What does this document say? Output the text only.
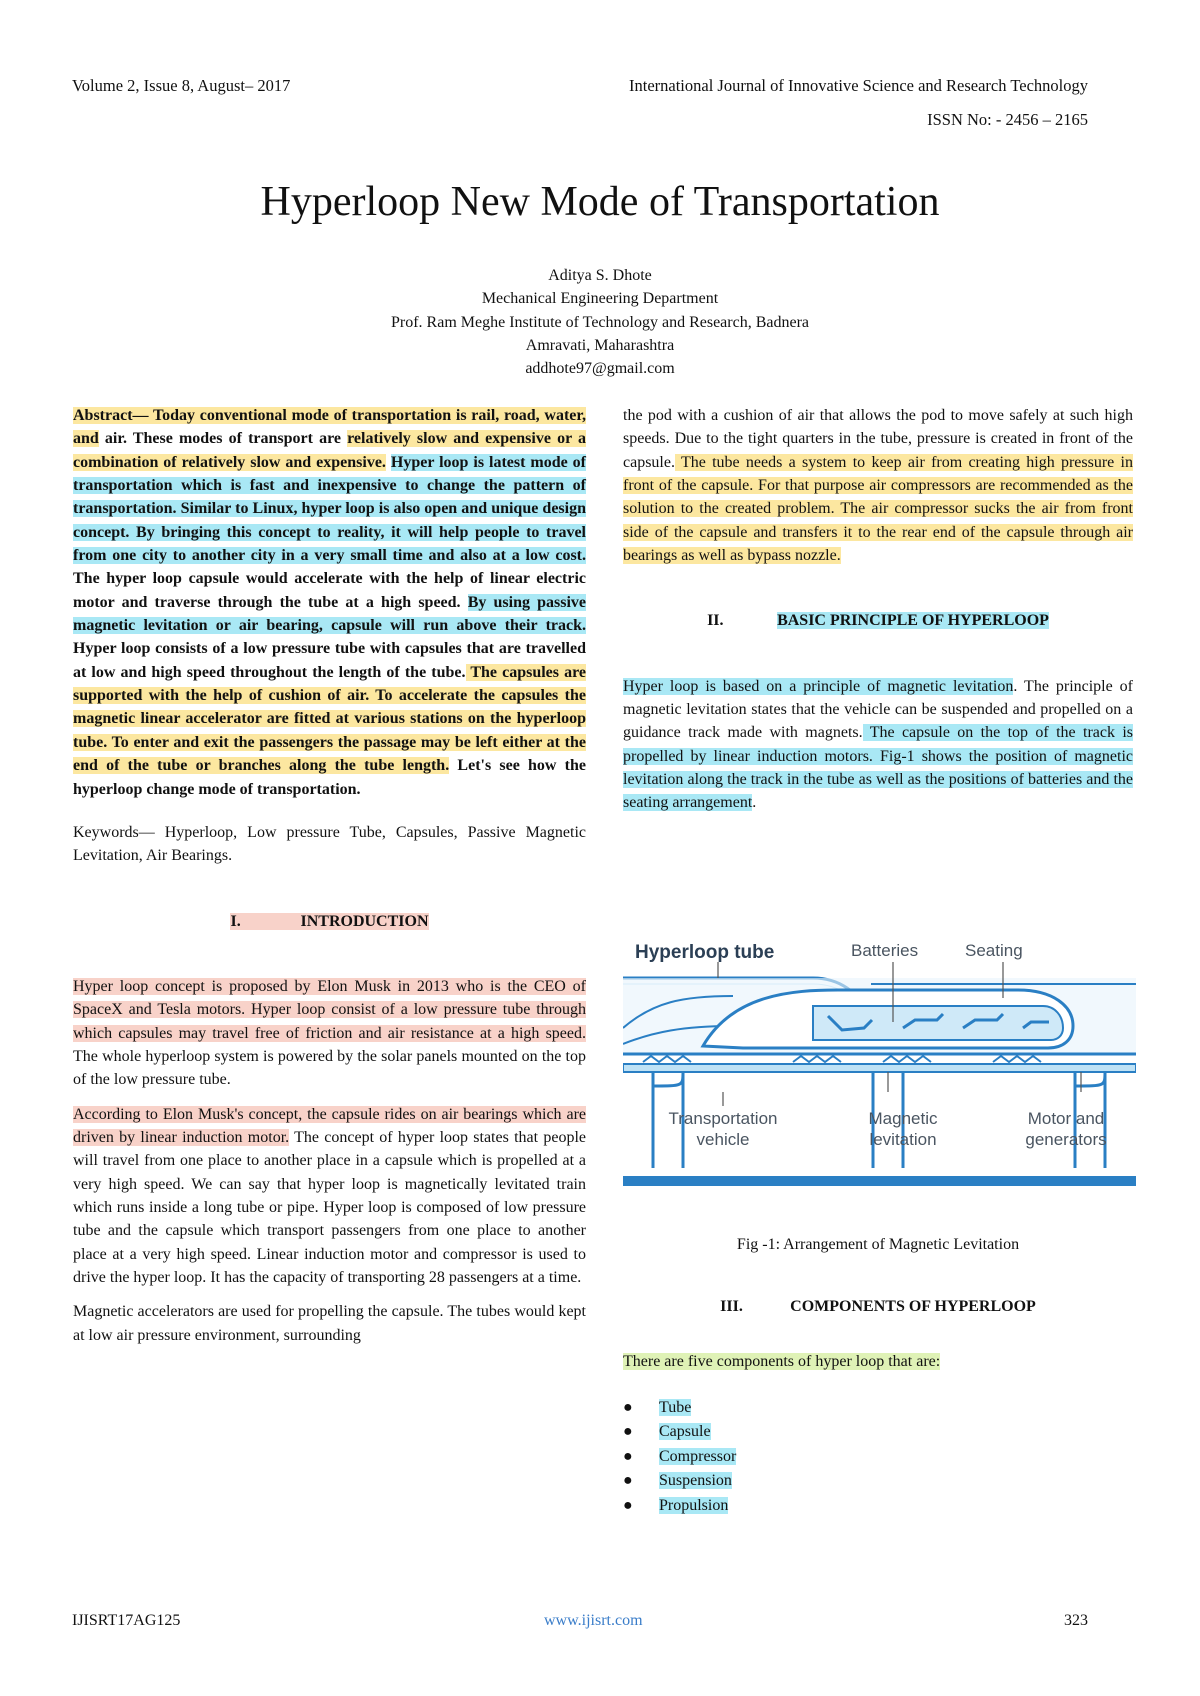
Volume 2, Issue 8, August– 2017	International Journal of Innovative Science and Research Technology
ISSN No: - 2456 – 2165
Hyperloop New Mode of Transportation
Aditya S. Dhote
Mechanical Engineering Department
Prof. Ram Meghe Institute of Technology and Research, Badnera
Amravati, Maharashtra
addhote97@gmail.com

Abstract— Today conventional mode of transportation is rail, road, water, and air. These modes of transport are relatively slow and expensive or a combination of relatively slow and expensive. Hyper loop is latest mode of transportation which is fast and inexpensive to change the pattern of transportation. Similar to Linux, hyper loop is also open and unique design concept. By bringing this concept to reality, it will help people to travel from one city to another city in a very small time and also at a low cost. The hyper loop capsule would accelerate with the help of linear electric motor and traverse through the tube at a high speed. By using passive magnetic levitation or air bearing, capsule will run above their track. Hyper loop consists of a low pressure tube with capsules that are travelled at low and high speed throughout the length of the tube. The capsules are supported with the help of cushion of air. To accelerate the capsules the magnetic linear accelerator are fitted at various stations on the hyperloop tube. To enter and exit the passengers the passage may be left either at the end of the tube or branches along the tube length. Let's see how the hyperloop change mode of transportation.

Keywords— Hyperloop, Low pressure Tube, Capsules, Passive Magnetic Levitation, Air Bearings.

I.	INTRODUCTION

Hyper loop concept is proposed by Elon Musk in 2013 who is the CEO of SpaceX and Tesla motors. Hyper loop consist of a low pressure tube through which capsules may travel free of friction and air resistance at a high speed. The whole hyperloop system is powered by the solar panels mounted on the top of the low pressure tube.

According to Elon Musk's concept, the capsule rides on air bearings which are driven by linear induction motor. The concept of hyper loop states that people will travel from one place to another place in a capsule which is propelled at a very high speed. We can say that hyper loop is magnetically levitated train which runs inside a long tube or pipe. Hyper loop is composed of low pressure tube and the capsule which transport passengers from one place to another place at a very high speed. Linear induction motor and compressor is used to drive the hyper loop. It has the capacity of transporting 28 passengers at a time.

Magnetic accelerators are used for propelling the capsule. The tubes would kept at low air pressure environment, surrounding

the pod with a cushion of air that allows the pod to move safely at such high speeds. Due to the tight quarters in the tube, pressure is created in front of the capsule. The tube needs a system to keep air from creating high pressure in front of the capsule. For that purpose air compressors are recommended as the solution to the created problem. The air compressor sucks the air from front side of the capsule and transfers it to the rear end of the capsule through air bearings as well as bypass nozzle.

II.	BASIC PRINCIPLE OF HYPERLOOP

Hyper loop is based on a principle of magnetic levitation. The principle of magnetic levitation states that the vehicle can be suspended and propelled on a guidance track made with magnets. The capsule on the top of the track is propelled by linear induction motors. Fig-1 shows the position of magnetic levitation along the track in the tube as well as the positions of batteries and the seating arrangement.

Hyperloop tube	Batteries	Seating
Transportation
vehicle
Magnetic
levitation
Motor and
generators
Fig -1: Arrangement of Magnetic Levitation

III.	COMPONENTS OF HYPERLOOP

There are five components of hyper loop that are:

● Tube
● Capsule
● Compressor
● Suspension
● Propulsion
IJISRT17AG125	www.ijisrt.com	323
